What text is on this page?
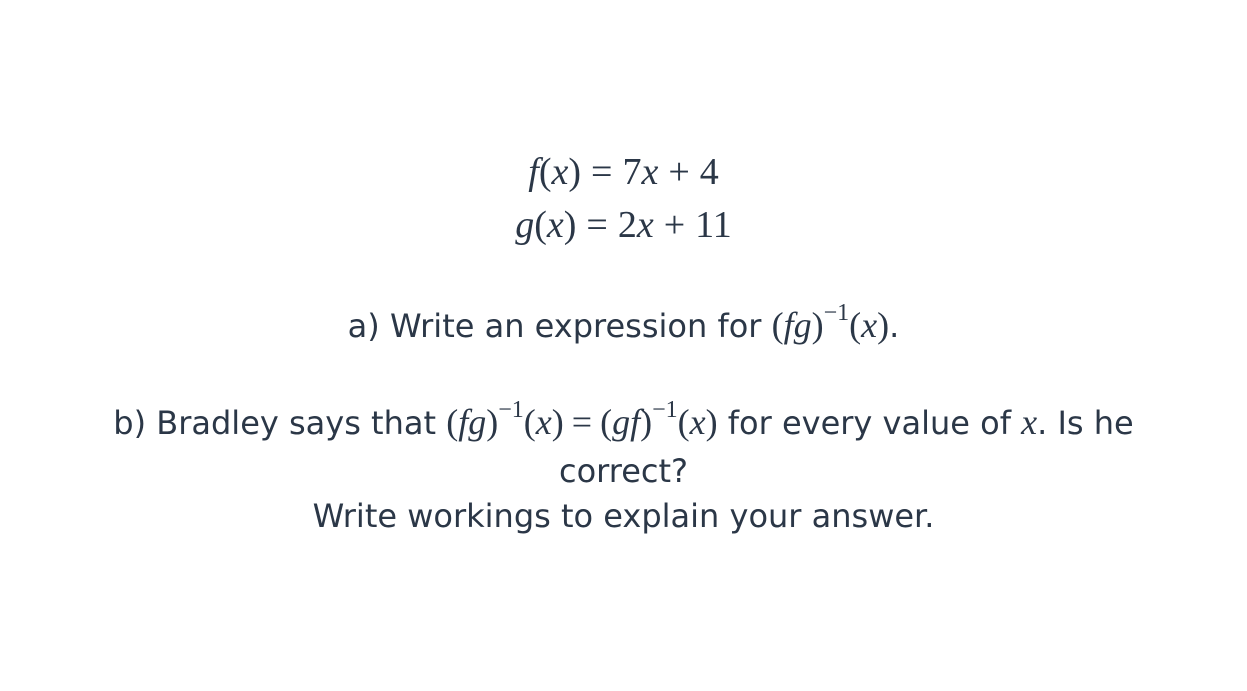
f(x) = 7x + 4
g(x) = 2x + 11
a) Write an expression for (fg)$^{-1}$(x).
b) Bradley says that (fg)$^{-1}$(x) = (gf)$^{-1}$(x) for every value of x. Is he
correct?
Write workings to explain your answer.
